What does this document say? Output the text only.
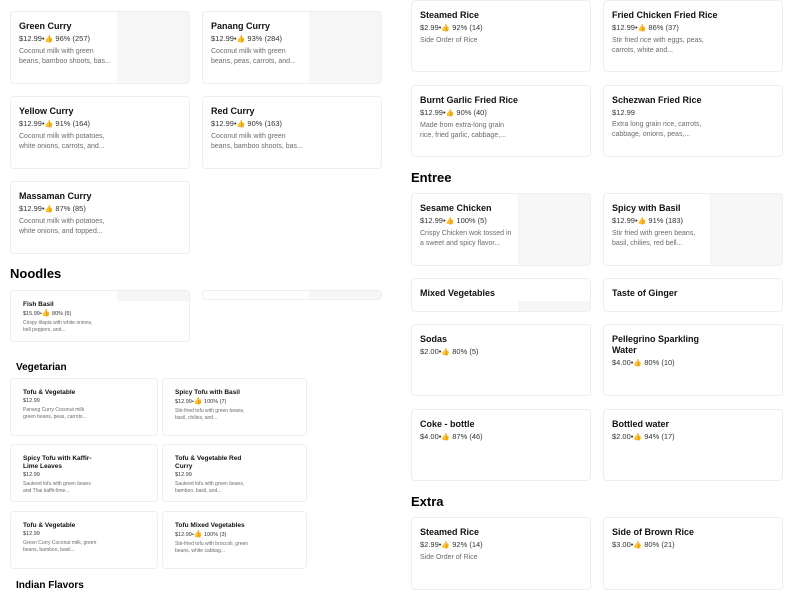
Green Curry
$12.99•👍 96% (257)
Coconut milk with green beans, bamboo shoots, bas...
Panang Curry
$12.99•👍 93% (284)
Coconut milk with green beans, peas, carrots, and...
Yellow Curry
$12.99•👍 91% (164)
Coconut milk with potatoes, white onions, carrots, and...
Red Curry
$12.99•👍 90% (163)
Coconut milk with green beans, bamboo shoots, bas...
Massaman Curry
$12.99•👍 87% (85)
Coconut milk with potatoes, white onions, and topped...
Noodles
Fish Basil
$15.99•👍 80% (5)
Crispy tilapia with white onions, bell peppers, and...
Vegetarian
Tofu & Vegetable
$12.99
Panang Curry Coconut milk green beans, peas, carrots...
Spicy Tofu with Basil
$12.99•👍 100% (7)
Stir-fried tofu with green beans, basil, chilies, and...
Spicy Tofu with Kaffir-Lime Leaves
$12.99
Sauteed tofu with green beans and Thai kaffir-lime...
Tofu & Vegetable Red Curry
$12.99
Sauteed tofu with green beans, bamboo, basil, and...
Tofu & Vegetable
$12.99
Green Curry Coconut milk, green beans, bamboo, basil...
Tofu Mixed Vegetables
$12.99•👍 100% (3)
Stir-fried tofu with broccoli, green beans, white cabbag...
Indian Flavors
Steamed Rice
$2.99•👍 92% (14)
Side Order of Rice
Fried Chicken Fried Rice
$12.99•👍 86% (37)
Stir fried rice with eggs, peas, carrots, white and...
Burnt Garlic Fried Rice
$12.99•👍 90% (40)
Made from extra-long grain rice, fried garlic, cabbage,...
Schezwan Fried Rice
$12.99
Extra long grain rice, carrots, cabbage, onions, peas,...
Entree
Sesame Chicken
$12.99•👍 100% (5)
Crispy Chicken wok tossed in a sweet and spicy flavor...
Spicy with Basil
$12.99•👍 91% (183)
Stir fried with green beans, basil, chilies, red bell...
Mixed Vegetables	Taste of Ginger
Sodas
$2.00•👍 80% (5)
Pellegrino Sparkling Water
$4.00•👍 80% (10)
Coke - bottle
$4.00•👍 87% (46)
Bottled water
$2.00•👍 94% (17)
Extra
Steamed Rice
$2.99•👍 92% (14)
Side Order of Rice
Side of Brown Rice
$3.00•👍 80% (21)
